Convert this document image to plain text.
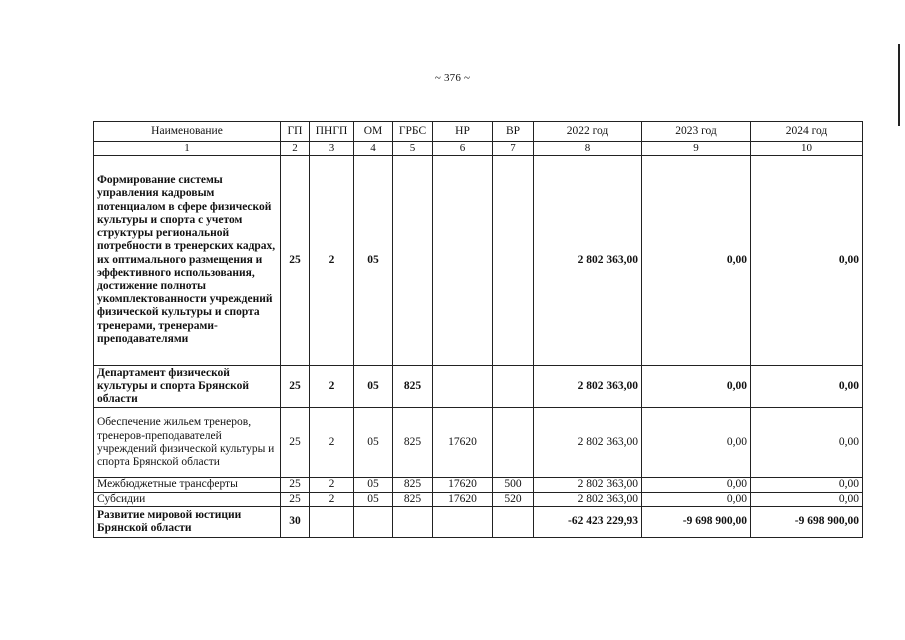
~ 376 ~
Наименование	ГП	ПНГП	ОМ	ГРБС	НР	ВР	2022 год	2023 год	2024 год
1	2	3	4	5	6	7	8	9	10
Формирование системы управления кадровым потенциалом в сфере физической культуры и спорта с учетом структуры региональной потребности в тренерских кадрах, их оптимального размещения и эффективного использования, достижение полноты укомплектованности учреждений физической культуры и спорта тренерами, тренерами-преподавателями	25	2	05				2 802 363,00	0,00	0,00
Департамент физической культуры и спорта Брянской области	25	2	05	825			2 802 363,00	0,00	0,00
Обеспечение жильем тренеров, тренеров-преподавателей учреждений физической культуры и спорта Брянской области	25	2	05	825	17620		2 802 363,00	0,00	0,00
Межбюджетные трансферты	25	2	05	825	17620	500	2 802 363,00	0,00	0,00
Субсидии	25	2	05	825	17620	520	2 802 363,00	0,00	0,00
Развитие мировой юстиции Брянской области	30						-62 423 229,93	-9 698 900,00	-9 698 900,00
